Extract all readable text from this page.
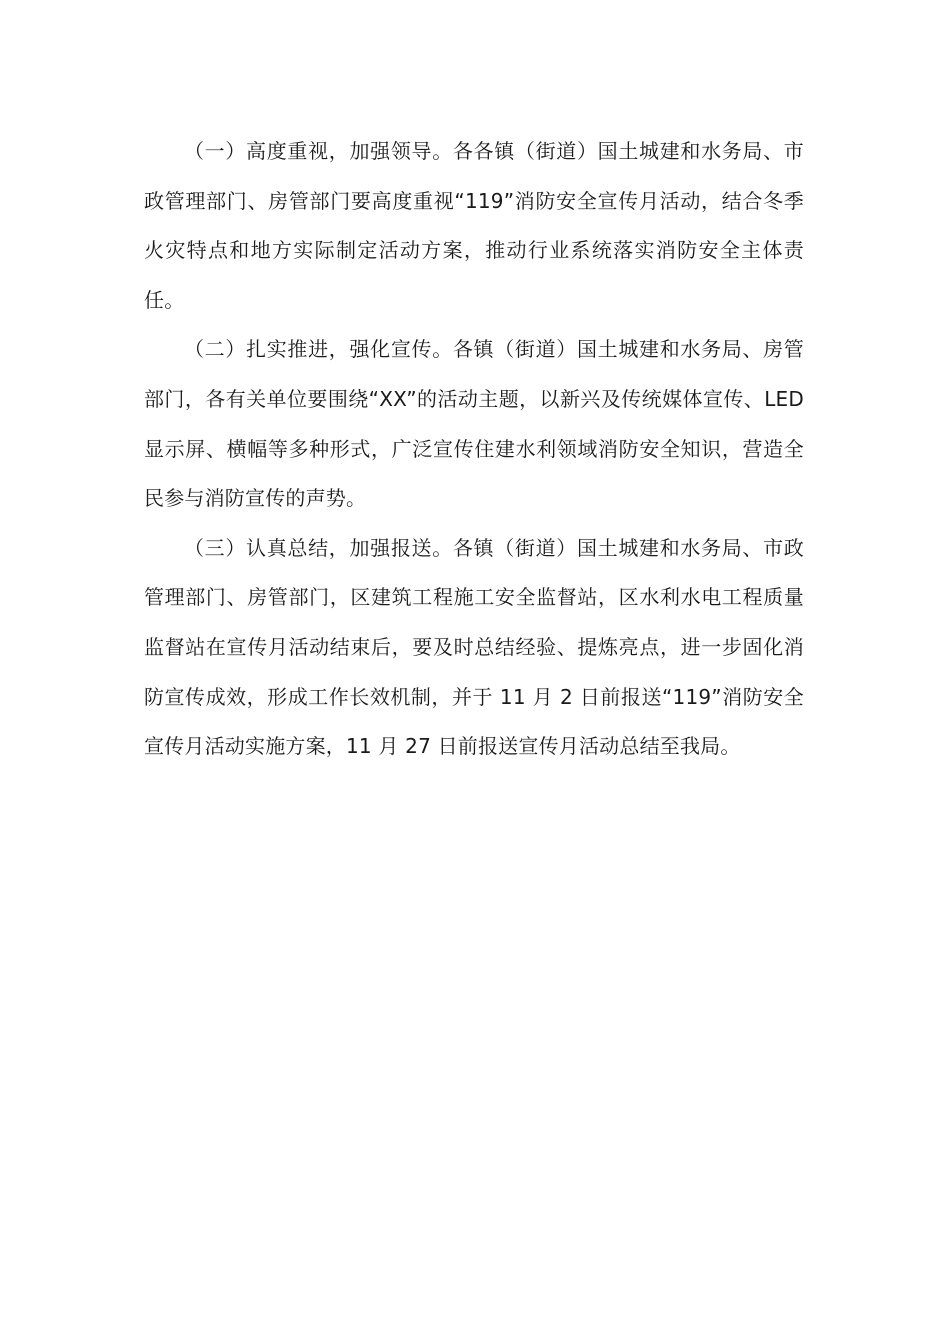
（一）高度重视，加强领导。各各镇（街道）国土城建和水务局、市政管理部门、房管部门要高度重视“119”消防安全宣传月活动，结合冬季火灾特点和地方实际制定活动方案，推动行业系统落实消防安全主体责任。

（二）扎实推进，强化宣传。各镇（街道）国土城建和水务局、房管部门，各有关单位要围绕“XX”的活动主题，以新兴及传统媒体宣传、LED 显示屏、横幅等多种形式，广泛宣传住建水利领域消防安全知识，营造全民参与消防宣传的声势。

（三）认真总结，加强报送。各镇（街道）国土城建和水务局、市政管理部门、房管部门，区建筑工程施工安全监督站，区水利水电工程质量监督站在宣传月活动结束后，要及时总结经验、提炼亮点，进一步固化消防宣传成效，形成工作长效机制，并于 11 月 2 日前报送“119”消防安全宣传月活动实施方案，11 月 27 日前报送宣传月活动总结至我局。
